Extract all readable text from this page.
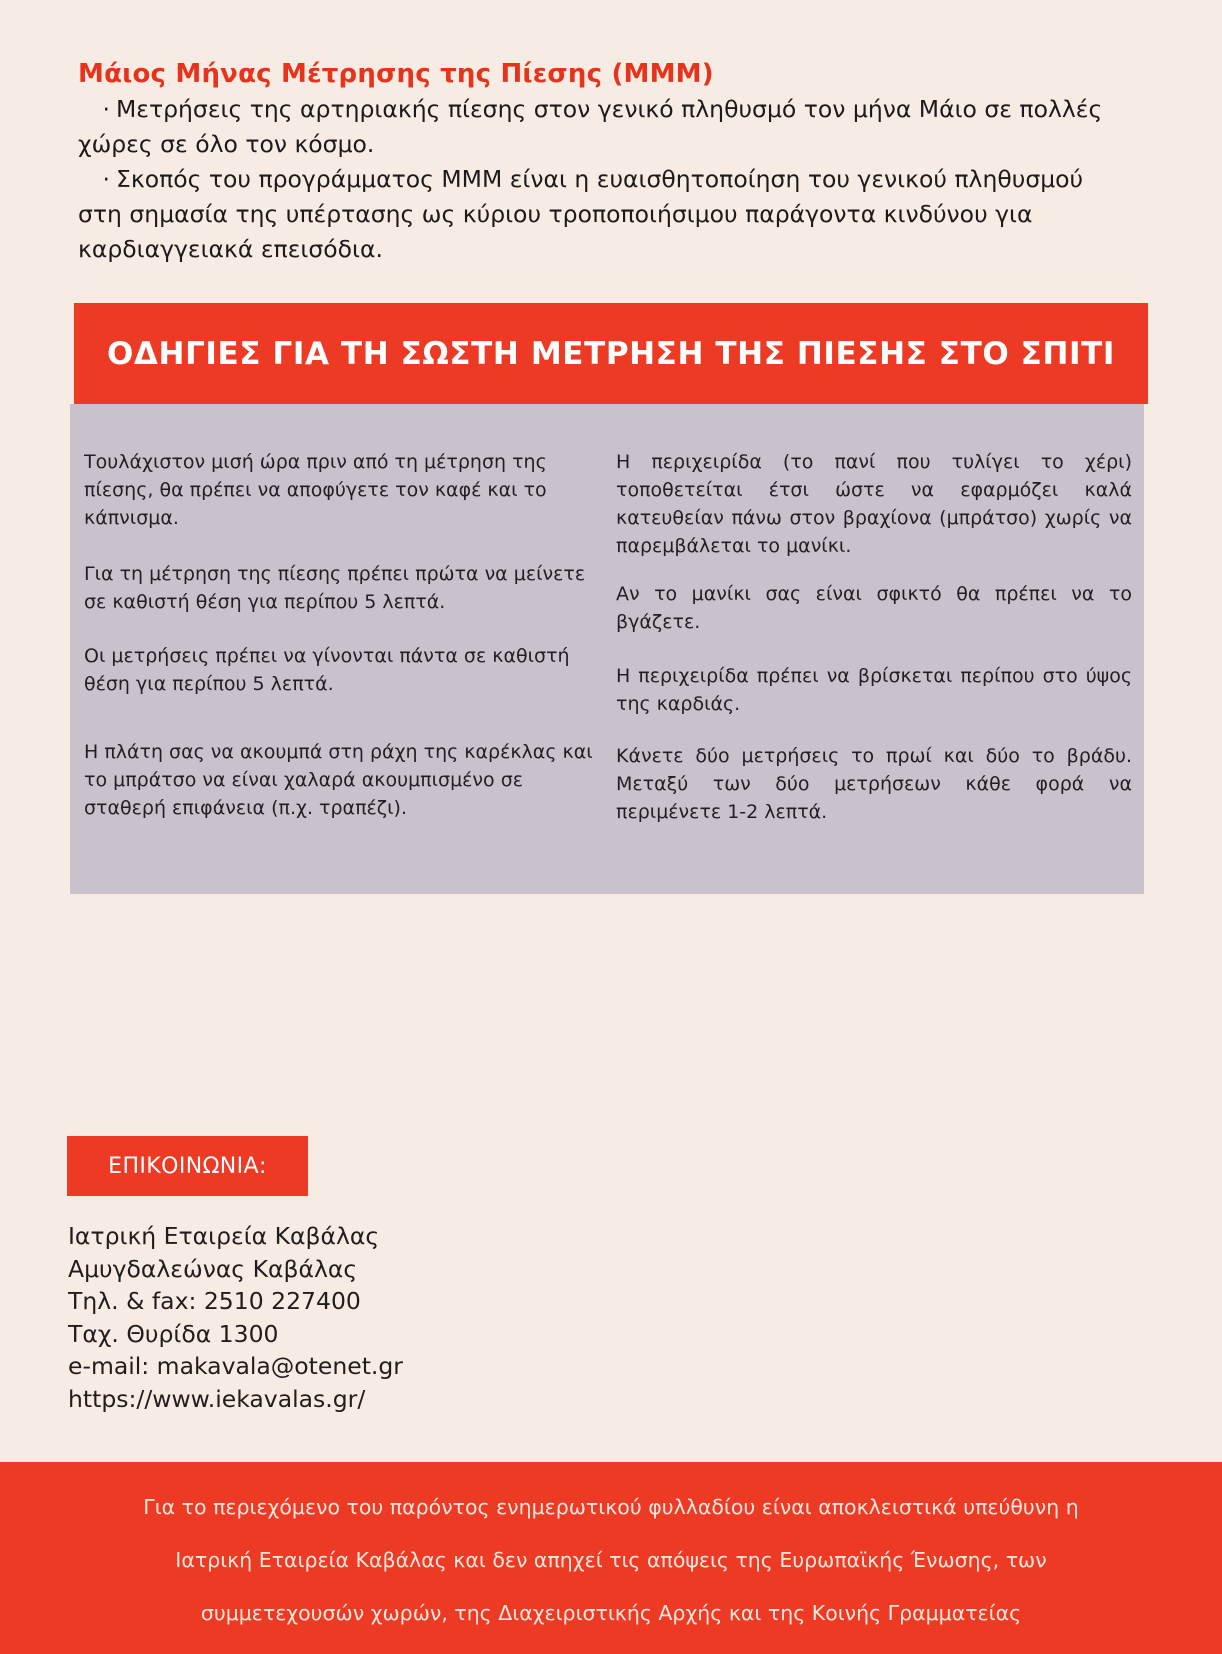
Μάιος Μήνας Μέτρησης της Πίεσης (ΜΜΜ)

· Μετρήσεις της αρτηριακής πίεσης στον γενικό πληθυσμό τον μήνα Μάιο σε πολλές χώρες σε όλο τον κόσμο.

· Σκοπός του προγράμματος ΜΜΜ είναι η ευαισθητοποίηση του γενικού πληθυσμού στη σημασία της υπέρτασης ως κύριου τροποποιήσιμου παράγοντα κινδύνου για καρδιαγγειακά επεισόδια.

ΟΔΗΓΙΕΣ ΓΙΑ ΤΗ ΣΩΣΤΗ ΜΕΤΡΗΣΗ ΤΗΣ ΠΙΕΣΗΣ ΣΤΟ ΣΠΙΤΙ

Τουλάχιστον μισή ώρα πριν από τη μέτρηση της πίεσης, θα πρέπει να αποφύγετε τον καφέ και το κάπνισμα.

Για τη μέτρηση της πίεσης πρέπει πρώτα να μείνετε σε καθιστή θέση για περίπου 5 λεπτά.

Οι μετρήσεις πρέπει να γίνονται πάντα σε καθιστή θέση για περίπου 5 λεπτά.

Η πλάτη σας να ακουμπά στη ράχη της καρέκλας και το μπράτσο να είναι χαλαρά ακουμπισμένο σε σταθερή επιφάνεια (π.χ. τραπέζι).

Η περιχειρίδα (το πανί που τυλίγει το χέρι) τοποθετείται έτσι ώστε να εφαρμόζει καλά κατευθείαν πάνω στον βραχίονα (μπράτσο) χωρίς να παρεμβάλεται το μανίκι.

Αν το μανίκι σας είναι σφικτό θα πρέπει να το βγάζετε.

Η περιχειρίδα πρέπει να βρίσκεται περίπου στο ύψος της καρδιάς.

Κάνετε δύο μετρήσεις το πρωί και δύο το βράδυ. Μεταξύ των δύο μετρήσεων κάθε φορά να περιμένετε 1-2 λεπτά.

ΕΠΙΚΟΙΝΩΝΙΑ:
Ιατρική Εταιρεία Καβάλας
Αμυγδαλεώνας Καβάλας
Τηλ. & fax: 2510 227400
Ταχ. Θυρίδα 1300
e-mail: makavala@otenet.gr
https://www.iekavalas.gr/
Για το περιεχόμενο του παρόντος ενημερωτικού φυλλαδίου είναι αποκλειστικά υπεύθυνη η
Ιατρική Εταιρεία Καβάλας και δεν απηχεί τις απόψεις της Ευρωπαϊκής Ένωσης, των
συμμετεχουσών χωρών, της Διαχειριστικής Αρχής και της Κοινής Γραμματείας
